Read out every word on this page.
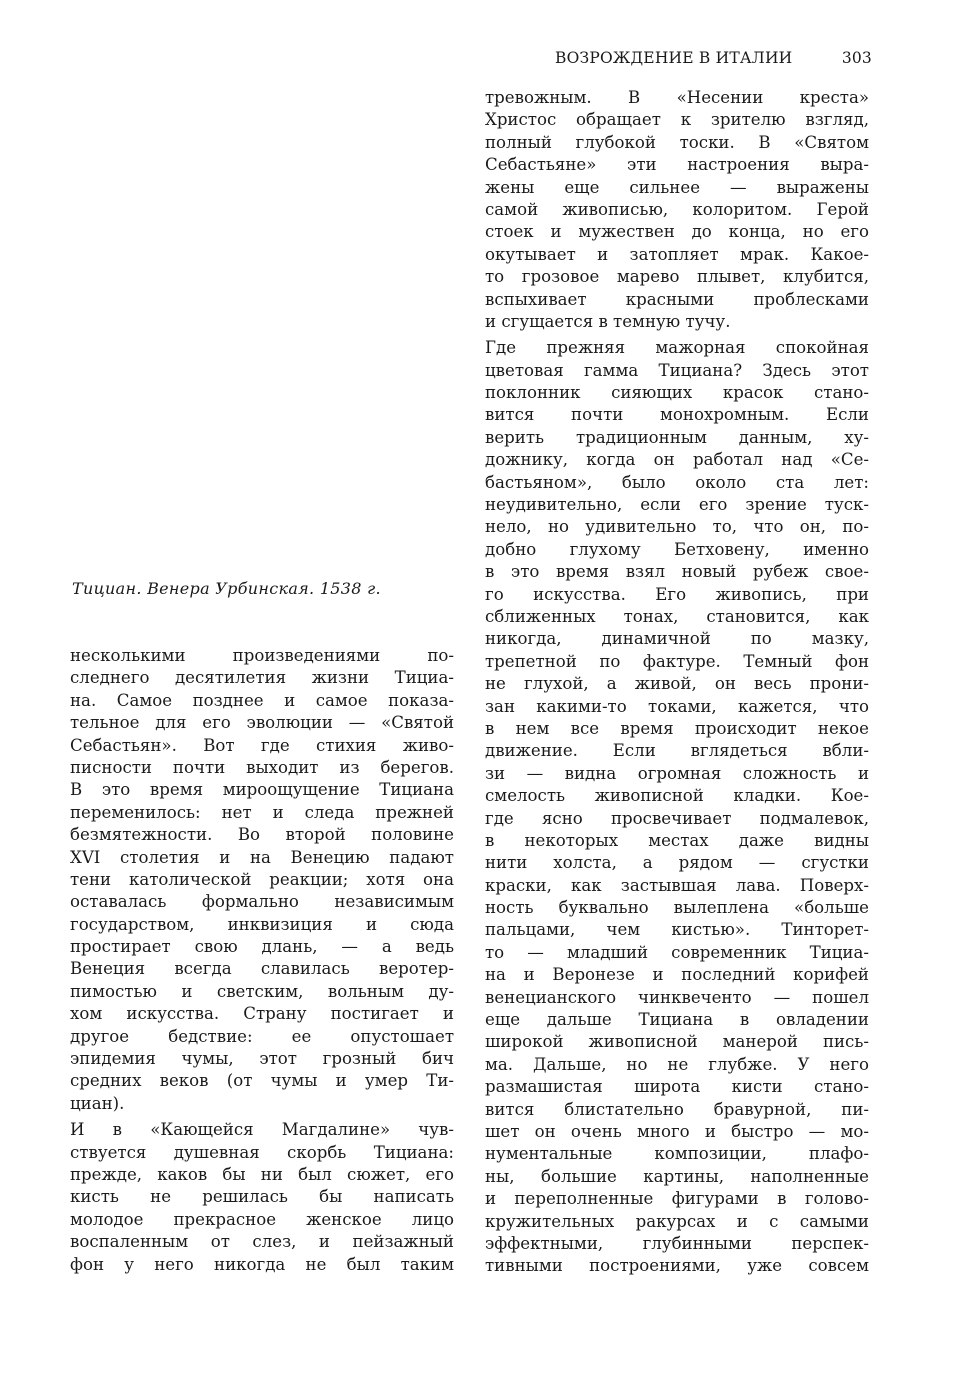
ВОЗРОЖДЕНИЕ В ИТАЛИИ	303
Тициан. Венера Урбинская. 1538 г.
несколькими произведениями по-
следнего десятилетия жизни Тициа-
на. Самое позднее и самое показа-
тельное для его эволюции — «Святой
Себастьян». Вот где стихия живо-
писности почти выходит из берегов.
В это время мироощущение Тициана
переменилось: нет и следа прежней
безмятежности. Во второй половине
XVI столетия и на Венецию падают
тени католической реакции; хотя она
оставалась формально независимым
государством, инквизиция и сюда
простирает свою длань, — а ведь
Венеция всегда славилась веротер-
пимостью и светским, вольным ду-
хом искусства. Страну постигает и
другое бедствие: ее опустошает
эпидемия чумы, этот грозный бич
средних веков (от чумы и умер Ти-
циан).
И в «Кающейся Магдалине» чув-
ствуется душевная скорбь Тициана:
прежде, каков бы ни был сюжет, его
кисть не решилась бы написать
молодое прекрасное женское лицо
воспаленным от слез, и пейзажный
фон у него никогда не был таким
тревожным. В «Несении креста»
Христос обращает к зрителю взгляд,
полный глубокой тоски. В «Святом
Себастьяне» эти настроения выра-
жены еще сильнее — выражены
самой живописью, колоритом. Герой
стоек и мужествен до конца, но его
окутывает и затопляет мрак. Какое-
то грозовое марево плывет, клубится,
вспыхивает красными проблесками
и сгущается в темную тучу.
Где прежняя мажорная спокойная
цветовая гамма Тициана? Здесь этот
поклонник сияющих красок стано-
вится почти монохромным. Если
верить традиционным данным, ху-
дожнику, когда он работал над «Се-
бастьяном», было около ста лет:
неудивительно, если его зрение туск-
нело, но удивительно то, что он, по-
добно глухому Бетховену, именно
в это время взял новый рубеж свое-
го искусства. Его живопись, при
сближенных тонах, становится, как
никогда, динамичной по мазку,
трепетной по фактуре. Темный фон
не глухой, а живой, он весь прони-
зан какими-то токами, кажется, что
в нем все время происходит некое
движение. Если вглядеться вбли-
зи — видна огромная сложность и
смелость живописной кладки. Кое-
где ясно просвечивает подмалевок,
в некоторых местах даже видны
нити холста, а рядом — сгустки
краски, как застывшая лава. Поверх-
ность буквально вылеплена «больше
пальцами, чем кистью». Тинторет-
то — младший современник Тициа-
на и Веронезе и последний корифей
венецианского чинквеченто — пошел
еще дальше Тициана в овладении
широкой живописной манерой пись-
ма. Дальше, но не глубже. У него
размашистая широта кисти стано-
вится блистательно бравурной, пи-
шет он очень много и быстро — мо-
нументальные композиции, плафо-
ны, большие картины, наполненные
и переполненные фигурами в голово-
кружительных ракурсах и с самыми
эффектными, глубинными перспек-
тивными построениями, уже совсем
